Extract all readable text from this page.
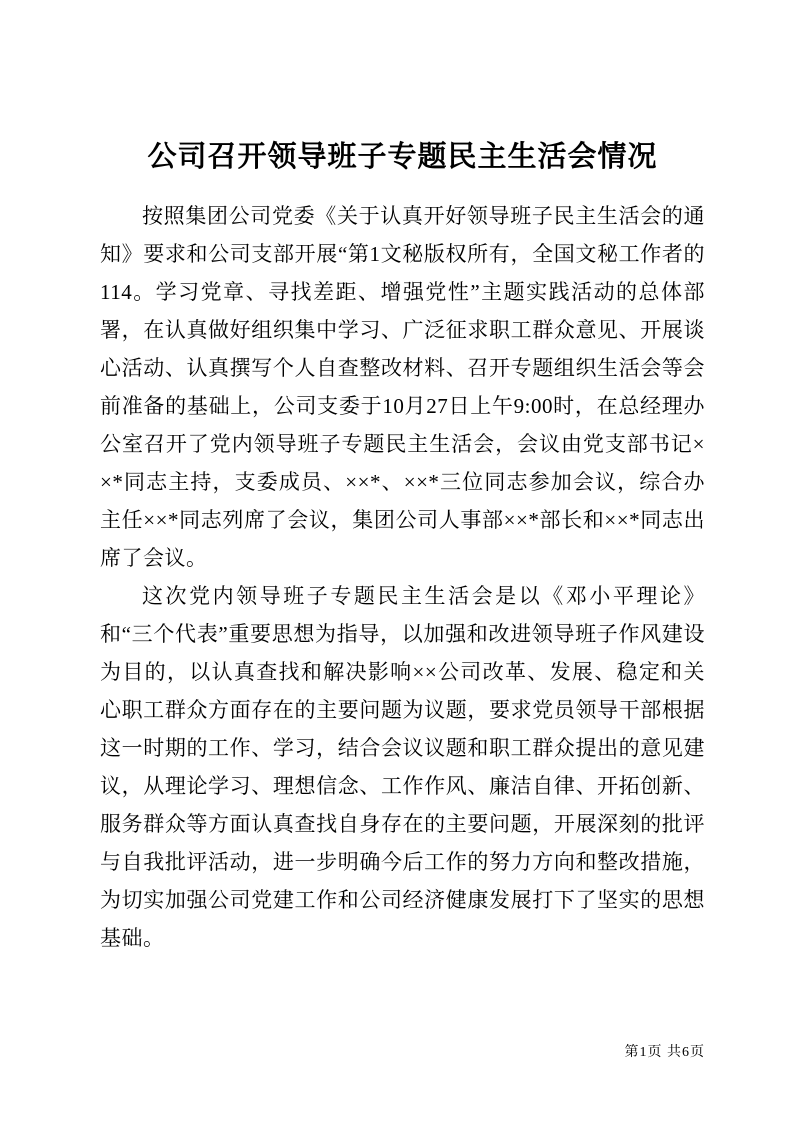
公司召开领导班子专题民主生活会情况

按照集团公司党委《关于认真开好领导班子民主生活会的通知》要求和公司支部开展“第1文秘版权所有，全国文秘工作者的114。学习党章、寻找差距、增强党性”主题实践活动的总体部署，在认真做好组织集中学习、广泛征求职工群众意见、开展谈心活动、认真撰写个人自查整改材料、召开专题组织生活会等会前准备的基础上，公司支委于10月27日上午9:00时，在总经理办公室召开了党内领导班子专题民主生活会，会议由党支部书记××*同志主持，支委成员、××*、××*三位同志参加会议，综合办主任××*同志列席了会议，集团公司人事部××*部长和××*同志出席了会议。

这次党内领导班子专题民主生活会是以《邓小平理论》和“三个代表”重要思想为指导，以加强和改进领导班子作风建设为目的，以认真查找和解决影响××公司改革、发展、稳定和关心职工群众方面存在的主要问题为议题，要求党员领导干部根据这一时期的工作、学习，结合会议议题和职工群众提出的意见建议，从理论学习、理想信念、工作作风、廉洁自律、开拓创新、服务群众等方面认真查找自身存在的主要问题，开展深刻的批评与自我批评活动，进一步明确今后工作的努力方向和整改措施，为切实加强公司党建工作和公司经济健康发展打下了坚实的思想基础。

第1页 共6页
